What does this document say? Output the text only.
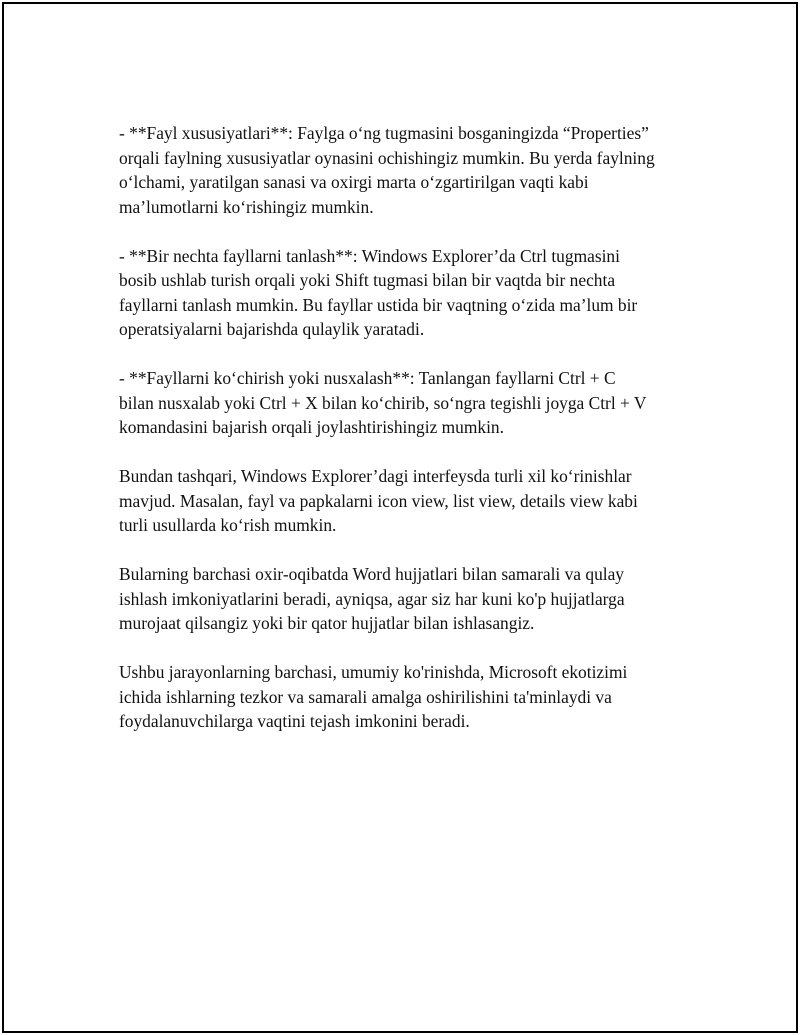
- **Fayl xususiyatlari**: Faylga o‘ng tugmasini bosganingizda “Properties”
orqali faylning xususiyatlar oynasini ochishingiz mumkin. Bu yerda faylning
o‘lchami, yaratilgan sanasi va oxirgi marta o‘zgartirilgan vaqti kabi
ma’lumotlarni ko‘rishingiz mumkin.

- **Bir nechta fayllarni tanlash**: Windows Explorer’da Ctrl tugmasini
bosib ushlab turish orqali yoki Shift tugmasi bilan bir vaqtda bir nechta
fayllarni tanlash mumkin. Bu fayllar ustida bir vaqtning o‘zida ma’lum bir
operatsiyalarni bajarishda qulaylik yaratadi.

- **Fayllarni ko‘chirish yoki nusxalash**: Tanlangan fayllarni Ctrl + C
bilan nusxalab yoki Ctrl + X bilan ko‘chirib, so‘ngra tegishli joyga Ctrl + V
komandasini bajarish orqali joylashtirishingiz mumkin.

Bundan tashqari, Windows Explorer’dagi interfeysda turli xil ko‘rinishlar
mavjud. Masalan, fayl va papkalarni icon view, list view, details view kabi
turli usullarda ko‘rish mumkin.

Bularning barchasi oxir-oqibatda Word hujjatlari bilan samarali va qulay
ishlash imkoniyatlarini beradi, ayniqsa, agar siz har kuni ko'p hujjatlarga
murojaat qilsangiz yoki bir qator hujjatlar bilan ishlasangiz.

Ushbu jarayonlarning barchasi, umumiy ko'rinishda, Microsoft ekotizimi
ichida ishlarning tezkor va samarali amalga oshirilishini ta'minlaydi va
foydalanuvchilarga vaqtini tejash imkonini beradi.
